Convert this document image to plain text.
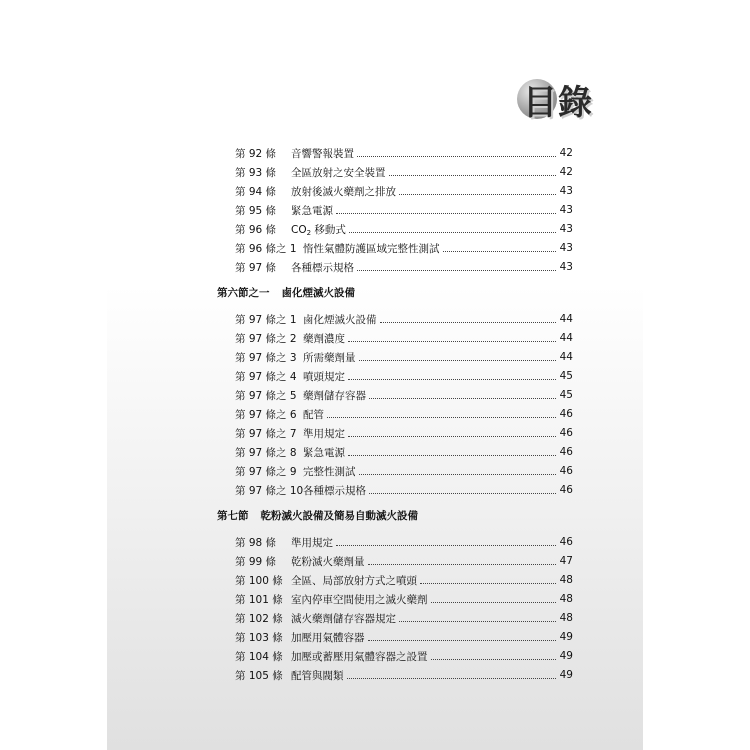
目錄
第 92 條 音響警報裝置	42
第 93 條 全區放射之安全裝置	42
第 94 條 放射後滅火藥劑之排放	43
第 95 條 緊急電源	43
第 96 條 $CO_2$ 移動式	43
第 96 條之 1 惰性氣體防護區域完整性測試	43
第 97 條 各種標示規格	43
第六節之一 鹵化煙滅火設備
第 97 條之 1 鹵化煙滅火設備	44
第 97 條之 2 藥劑濃度	44
第 97 條之 3 所需藥劑量	44
第 97 條之 4 噴頭規定	45
第 97 條之 5 藥劑儲存容器	45
第 97 條之 6 配管	46
第 97 條之 7 準用規定	46
第 97 條之 8 緊急電源	46
第 97 條之 9 完整性測試	46
第 97 條之 10 各種標示規格	46
第七節 乾粉滅火設備及簡易自動滅火設備
第 98 條 準用規定	46
第 99 條 乾粉滅火藥劑量	47
第 100 條 全區、局部放射方式之噴頭	48
第 101 條 室內停車空間使用之滅火藥劑	48
第 102 條 滅火藥劑儲存容器規定	48
第 103 條 加壓用氣體容器	49
第 104 條 加壓或蓄壓用氣體容器之設置	49
第 105 條 配管與閥類	49
